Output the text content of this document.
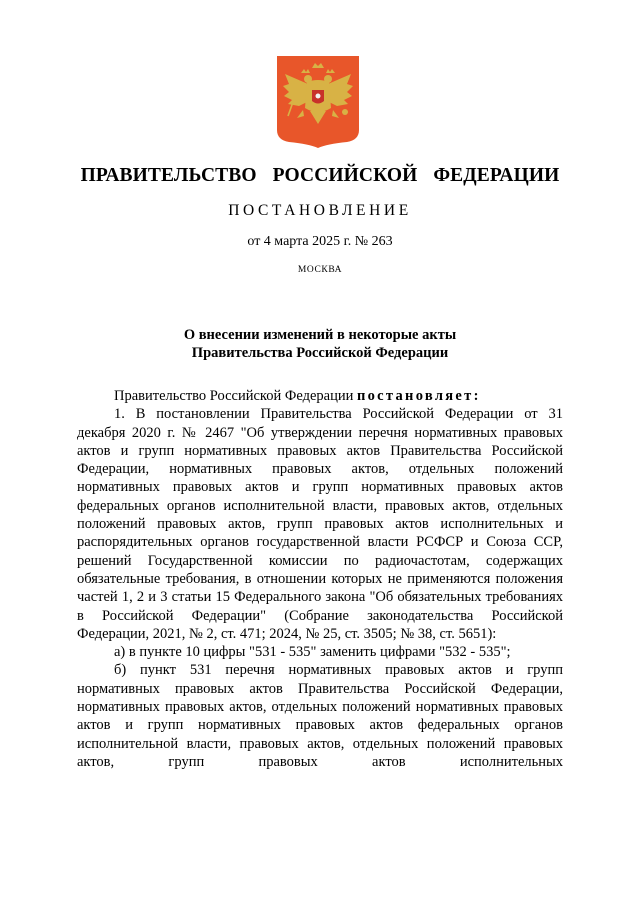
ПРАВИТЕЛЬСТВО  РОССИЙСКОЙ  ФЕДЕРАЦИИ
ПОСТАНОВЛЕНИЕ
от 4 марта 2025 г. № 263
МОСКВА
О внесении изменений в некоторые акты
Правительства Российской Федерации

Правительство Российской Федерации постановляет:

1. В постановлении Правительства Российской Федерации от 31 декабря 2020 г. № 2467 "Об утверждении перечня нормативных правовых актов и групп нормативных правовых актов Правительства Российской Федерации, нормативных правовых актов, отдельных положений нормативных правовых актов и групп нормативных правовых актов федеральных органов исполнительной власти, правовых актов, отдельных положений правовых актов, групп правовых актов исполнительных и распорядительных органов государственной власти РСФСР и Союза ССР, решений Государственной комиссии по радиочастотам, содержащих обязательные требования, в отношении которых не применяются положения частей 1, 2 и 3 статьи 15 Федерального закона "Об обязательных требованиях в Российской Федерации" (Собрание законодательства Российской Федерации, 2021, № 2, ст. 471; 2024, № 25, ст. 3505; № 38, ст. 5651):

а) в пункте 10 цифры "531 - 535" заменить цифрами "532 - 535";

б) пункт 531 перечня нормативных правовых актов и групп нормативных правовых актов Правительства Российской Федерации, нормативных правовых актов, отдельных положений нормативных правовых актов и групп нормативных правовых актов федеральных органов исполнительной власти, правовых актов, отдельных положений правовых актов, групп правовых актов исполнительных
